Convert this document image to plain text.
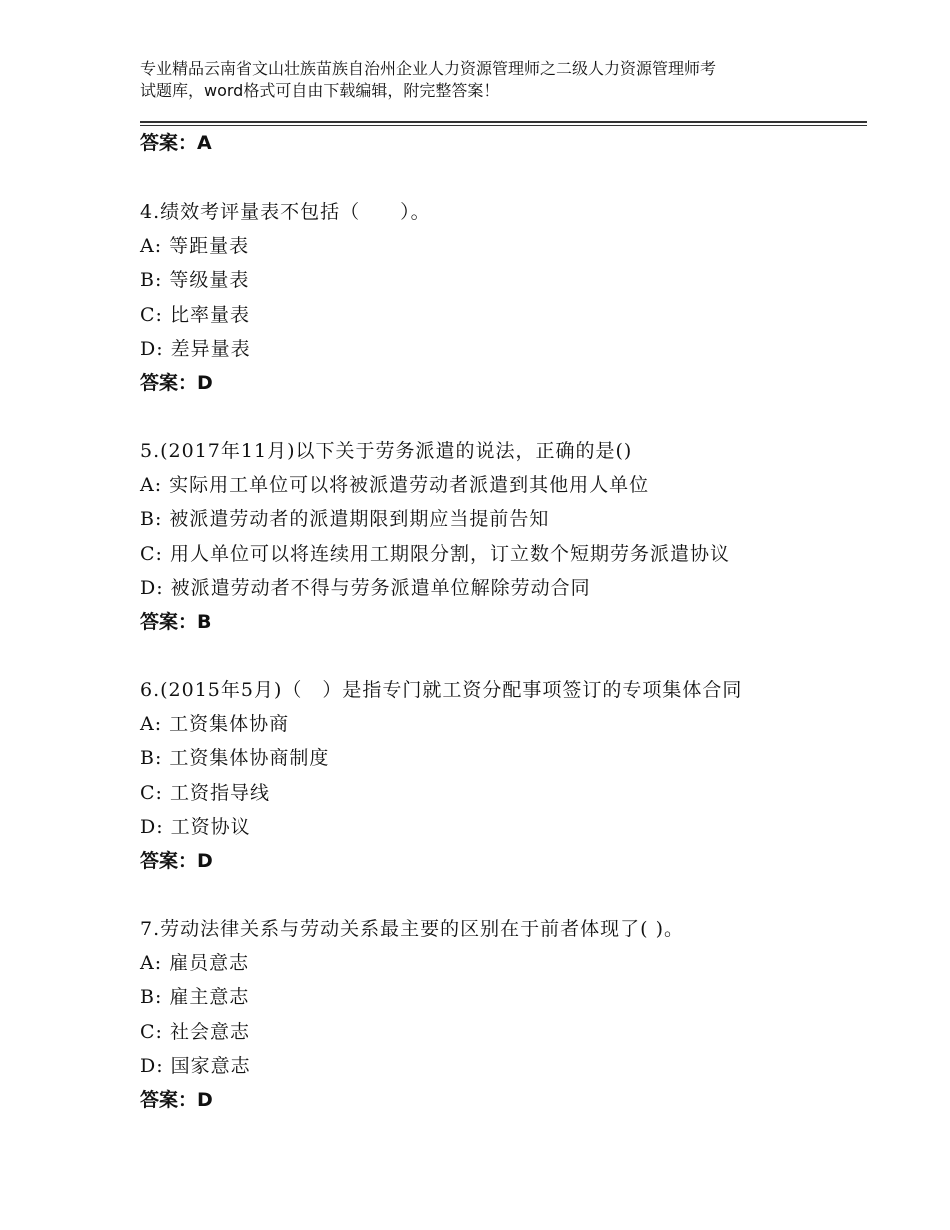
专业精品云南省文山壮族苗族自治州企业人力资源管理师之二级人力资源管理师考
试题库，word格式可自由下载编辑，附完整答案！
答案：A
4.绩效考评量表不包括（　　）。
A: 等距量表
B: 等级量表
C: 比率量表
D: 差异量表
答案：D
5.(2017年11月)以下关于劳务派遣的说法，正确的是()
A: 实际用工单位可以将被派遣劳动者派遣到其他用人单位
B: 被派遣劳动者的派遣期限到期应当提前告知
C: 用人单位可以将连续用工期限分割，订立数个短期劳务派遣协议
D: 被派遣劳动者不得与劳务派遣单位解除劳动合同
答案：B
6.(2015年5月)（　）是指专门就工资分配事项签订的专项集体合同
A: 工资集体协商
B: 工资集体协商制度
C: 工资指导线
D: 工资协议
答案：D
7.劳动法律关系与劳动关系最主要的区别在于前者体现了( )。
A: 雇员意志
B: 雇主意志
C: 社会意志
D: 国家意志
答案：D
